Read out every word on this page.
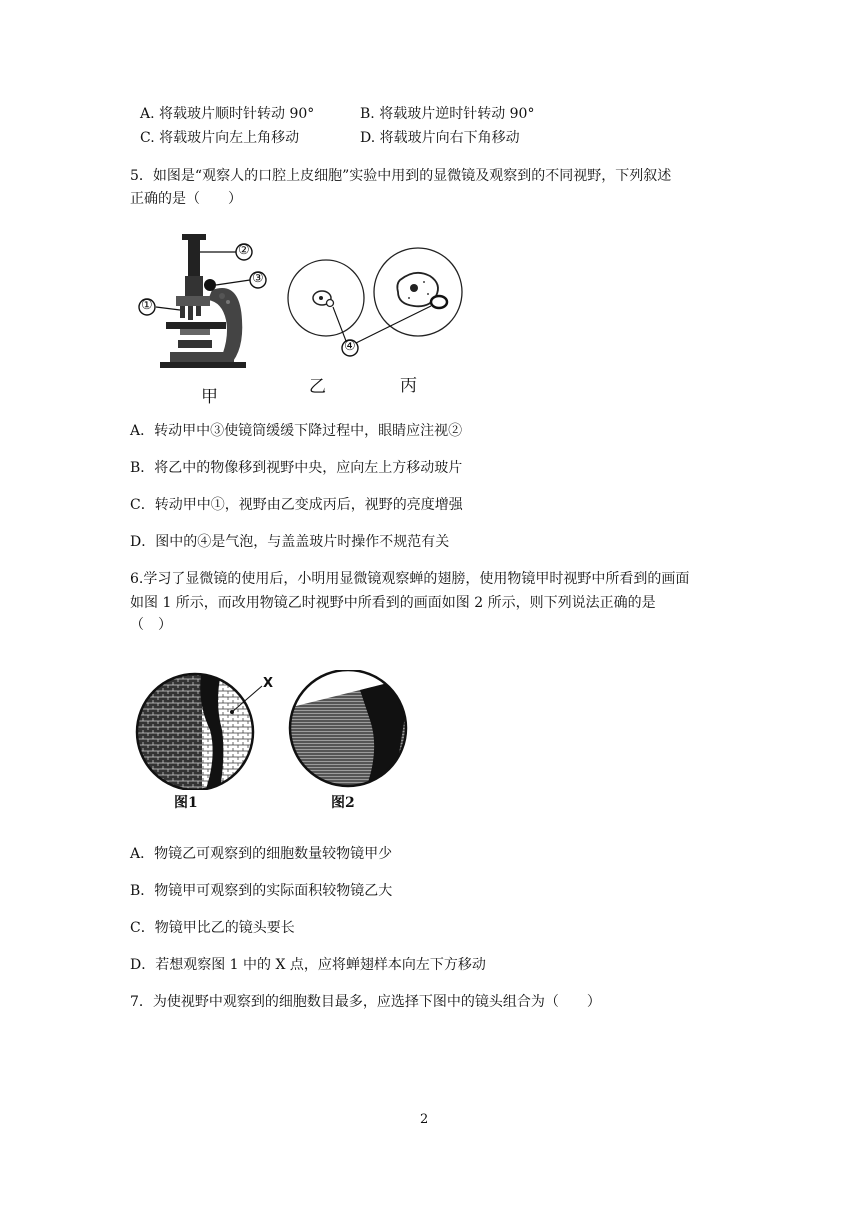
A. 将载玻片顺时针转动 90°	B. 将载玻片逆时针转动 90°
C. 将载玻片向左上角移动	D. 将载玻片向右下角移动
5．如图是“观察人的口腔上皮细胞”实验中用到的显微镜及观察到的不同视野，下列叙述
正确的是（　　）
②
③
①
④
甲	乙	丙
A．转动甲中③使镜筒缓缓下降过程中，眼睛应注视②
B．将乙中的物像移到视野中央，应向左上方移动玻片
C．转动甲中①，视野由乙变成丙后，视野的亮度增强
D．图中的④是气泡，与盖盖玻片时操作不规范有关
6.学习了显微镜的使用后，小明用显微镜观察蝉的翅膀，使用物镜甲时视野中所看到的画面
如图 1 所示，而改用物镜乙时视野中所看到的画面如图 2 所示，则下列说法正确的是
（　）
X
图1	图2
A．物镜乙可观察到的细胞数量较物镜甲少
B．物镜甲可观察到的实际面积较物镜乙大
C．物镜甲比乙的镜头要长
D．若想观察图 1 中的 X 点，应将蝉翅样本向左下方移动
7．为使视野中观察到的细胞数目最多，应选择下图中的镜头组合为（　　）
2
